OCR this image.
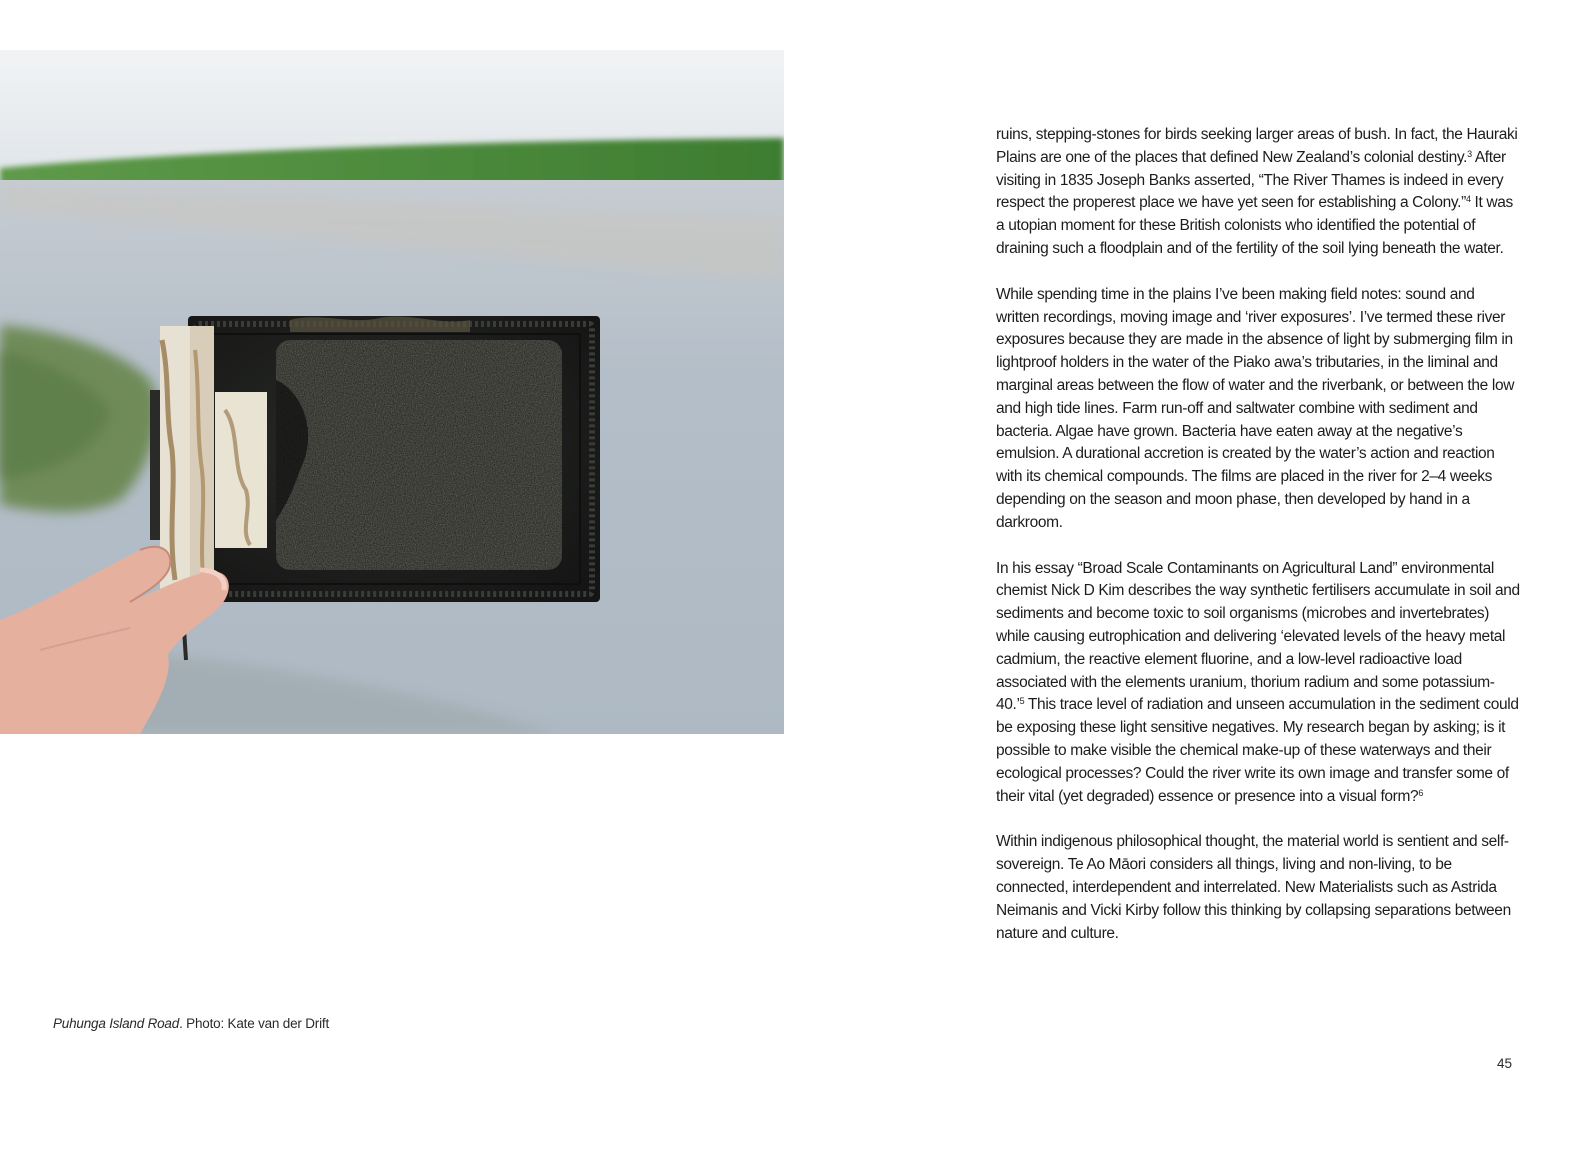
Puhunga Island Road. Photo: Kate van der Drift

ruins, stepping-stones for birds seeking larger areas of bush. In fact, the Hauraki Plains are one of the places that defined New Zealand’s colonial destiny.$^3$ After visiting in 1835 Joseph Banks asserted, “The River Thames is indeed in every respect the properest place we have yet seen for establishing a Colony.”$^4$ It was a utopian moment for these British colonists who identified the potential of draining such a floodplain and of the fertility of the soil lying beneath the water.

While spending time in the plains I’ve been making field notes: sound and written recordings, moving image and ‘river exposures’. I’ve termed these river exposures because they are made in the absence of light by submerging film in lightproof holders in the water of the Piako awa’s tributaries, in the liminal and marginal areas between the flow of water and the riverbank, or between the low and high tide lines. Farm run-off and saltwater combine with sediment and bacteria. Algae have grown. Bacteria have eaten away at the negative’s emulsion. A durational accretion is created by the water’s action and reaction with its chemical compounds. The films are placed in the river for 2–4 weeks depending on the season and moon phase, then developed by hand in a darkroom.

In his essay “Broad Scale Contaminants on Agricultural Land” environmental chemist Nick D Kim describes the way synthetic fertilisers accumulate in soil and sediments and become toxic to soil organisms (microbes and invertebrates) while causing eutrophication and delivering ‘elevated levels of the heavy metal cadmium, the reactive element fluorine, and a low-level radioactive load associated with the elements uranium, thorium radium and some potassium-40.’$^5$ This trace level of radiation and unseen accumulation in the sediment could be exposing these light sensitive negatives. My research began by asking; is it possible to make visible the chemical make-up of these waterways and their ecological processes? Could the river write its own image and transfer some of their vital (yet degraded) essence or presence into a visual form?$^6$

Within indigenous philosophical thought, the material world is sentient and self-sovereign. Te Ao Māori considers all things, living and non-living, to be connected, interdependent and interrelated. New Materialists such as Astrida Neimanis and Vicki Kirby follow this thinking by collapsing separations between nature and culture.

45
